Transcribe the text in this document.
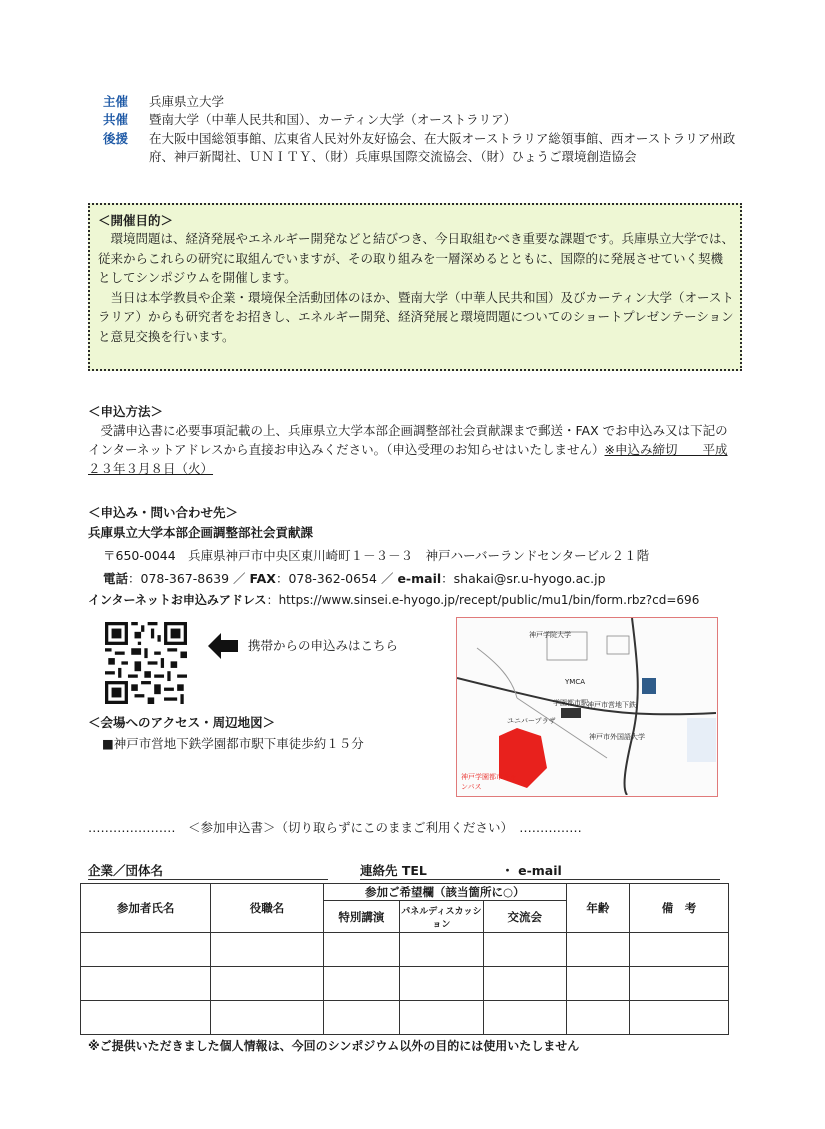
主催	兵庫県立大学
共催	暨南大学（中華人民共和国）、カーティン大学（オーストラリア）
後援	在大阪中国総領事館、広東省人民対外友好協会、在大阪オーストラリア総領事館、西オーストラリア州政府、神戸新聞社、ＵＮＩＴＹ、（財）兵庫県国際交流協会、（財）ひょうご環境創造協会
＜開催目的＞

　環境問題は、経済発展やエネルギー開発などと結びつき、今日取組むべき重要な課題です。兵庫県立大学では、従来からこれらの研究に取組んでいますが、その取り組みを一層深めるとともに、国際的に発展させていく契機としてシンポジウムを開催します。

　当日は本学教員や企業・環境保全活動団体のほか、暨南大学（中華人民共和国）及びカーティン大学（オーストラリア）からも研究者をお招きし、エネルギー開発、経済発展と環境問題についてのショートプレゼンテーションと意見交換を行います。

＜申込方法＞
　受講申込書に必要事項記載の上、兵庫県立大学本部企画調整部社会貢献課まで郵送・FAX でお申込み又は下記のインターネットアドレスから直接お申込みください。（申込受理のお知らせはいたしません）※申込み締切　　平成２３年３月８日（火）
＜申込み・問い合わせ先＞
兵庫県立大学本部企画調整部社会貢献課
〒650-0044　兵庫県神戸市中央区東川崎町１－３－３　神戸ハーバーランドセンタービル２１階
電話：078-367-8639 ／ FAX：078-362-0654 ／ e-mail：shakai@sr.u-hyogo.ac.jp
インターネットお申込みアドレス：https://www.sinsei.e-hyogo.jp/recept/public/mu1/bin/form.rbz?cd=696
携帯からの申込みはこちら
＜会場へのアクセス・周辺地図＞
■神戸市営地下鉄学園都市駅下車徒歩約１５分
神戸学院大学
YMCA
学園都市駅
ユニバープラザ
神戸学園都市キャンパス
神戸市外国語大学
神戸市営地下鉄
…………………　＜参加申込書＞（切り取らずにこのままご利用ください）　……………
企業／団体名	連絡先 TEL	・ e-mail
参加者氏名	役職名	参加ご希望欄（該当箇所に○）			年齢	備　考
		特別講演	パネルディスカッション	交流会		

※ご提供いただきました個人情報は、今回のシンポジウム以外の目的には使用いたしません
